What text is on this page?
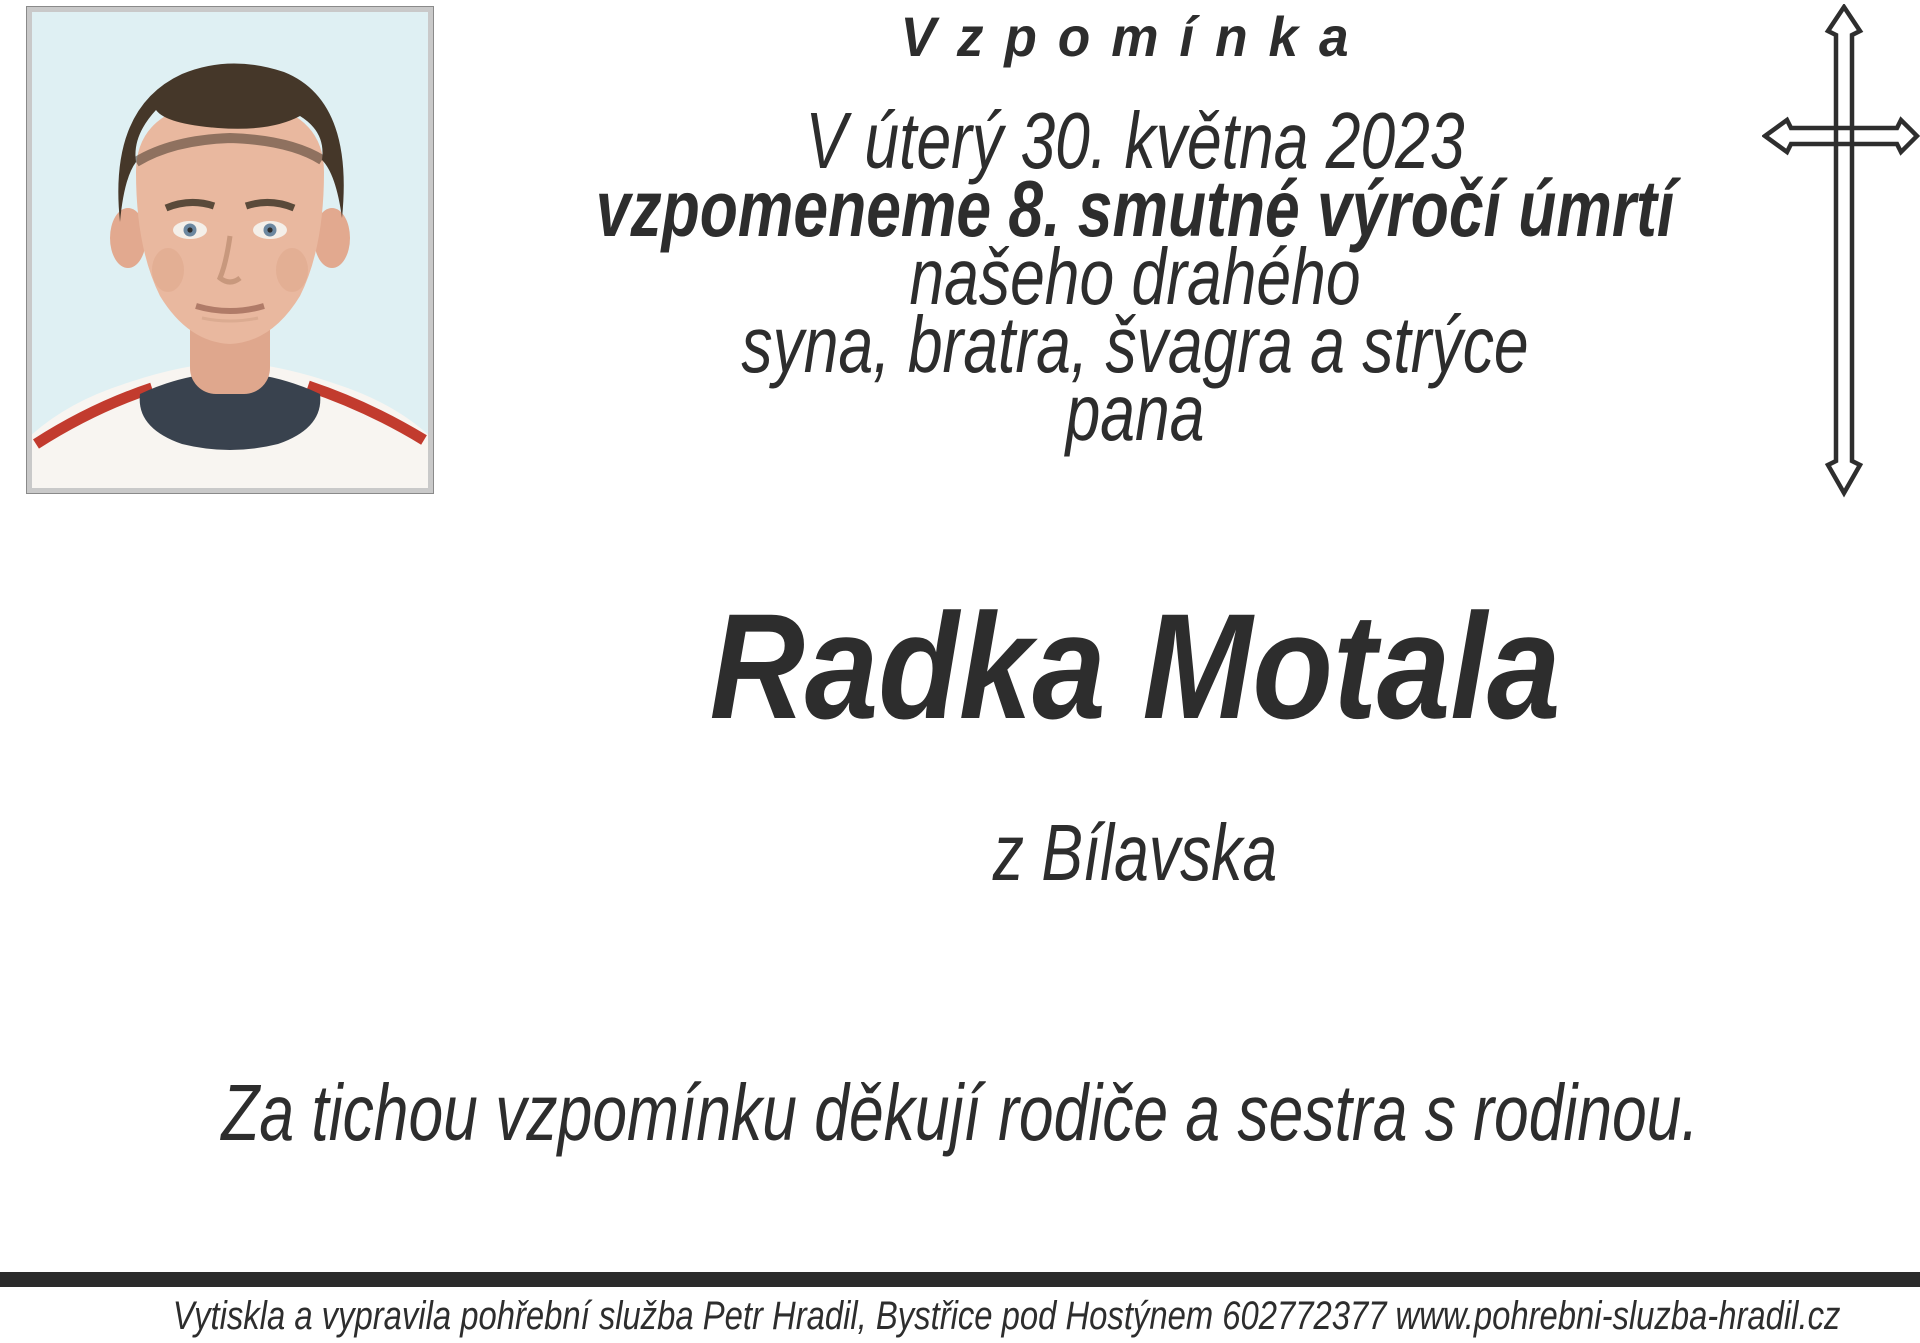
Vzpomínka
V úterý 30. května 2023
vzpomeneme 8. smutné výročí úmrtí
našeho drahého
syna, bratra, švagra a strýce
pana
Radka Motala
z Bílavska
Za tichou vzpomínku děkují rodiče a sestra s rodinou.
Vytiskla a vypravila pohřební služba Petr Hradil, Bystřice pod Hostýnem 602772377 www.pohrebni-sluzba-hradil.cz
